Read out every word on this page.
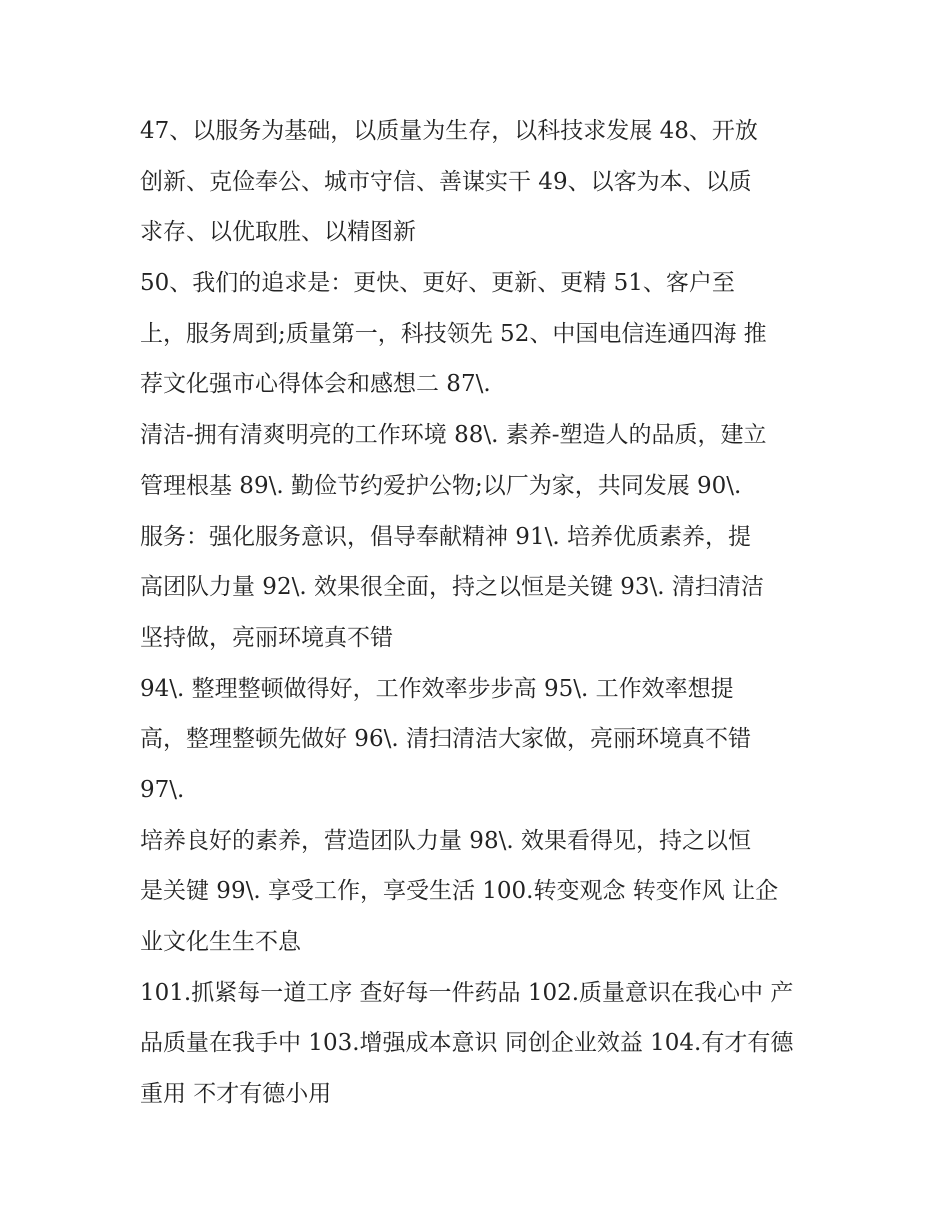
47、以服务为基础，以质量为生存，以科技求发展 48、开放
创新、克俭奉公、城市守信、善谋实干 49、以客为本、以质
求存、以优取胜、以精图新
50、我们的追求是：更快、更好、更新、更精 51、客户至
上，服务周到;质量第一，科技领先 52、中国电信连通四海 推
荐文化强市心得体会和感想二 87\.
清洁-拥有清爽明亮的工作环境 88\. 素养-塑造人的品质，建立
管理根基 89\. 勤俭节约爱护公物;以厂为家，共同发展 90\.
服务：强化服务意识，倡导奉献精神 91\. 培养优质素养，提
高团队力量 92\. 效果很全面，持之以恒是关键 93\. 清扫清洁
坚持做，亮丽环境真不错
94\. 整理整顿做得好，工作效率步步高 95\. 工作效率想提
高，整理整顿先做好 96\. 清扫清洁大家做，亮丽环境真不错
97\.
培养良好的素养，营造团队力量 98\. 效果看得见，持之以恒
是关键 99\. 享受工作，享受生活 100.转变观念 转变作风 让企
业文化生生不息
101.抓紧每一道工序 查好每一件药品 102.质量意识在我心中 产
品质量在我手中 103.增强成本意识 同创企业效益 104.有才有德
重用 不才有德小用
